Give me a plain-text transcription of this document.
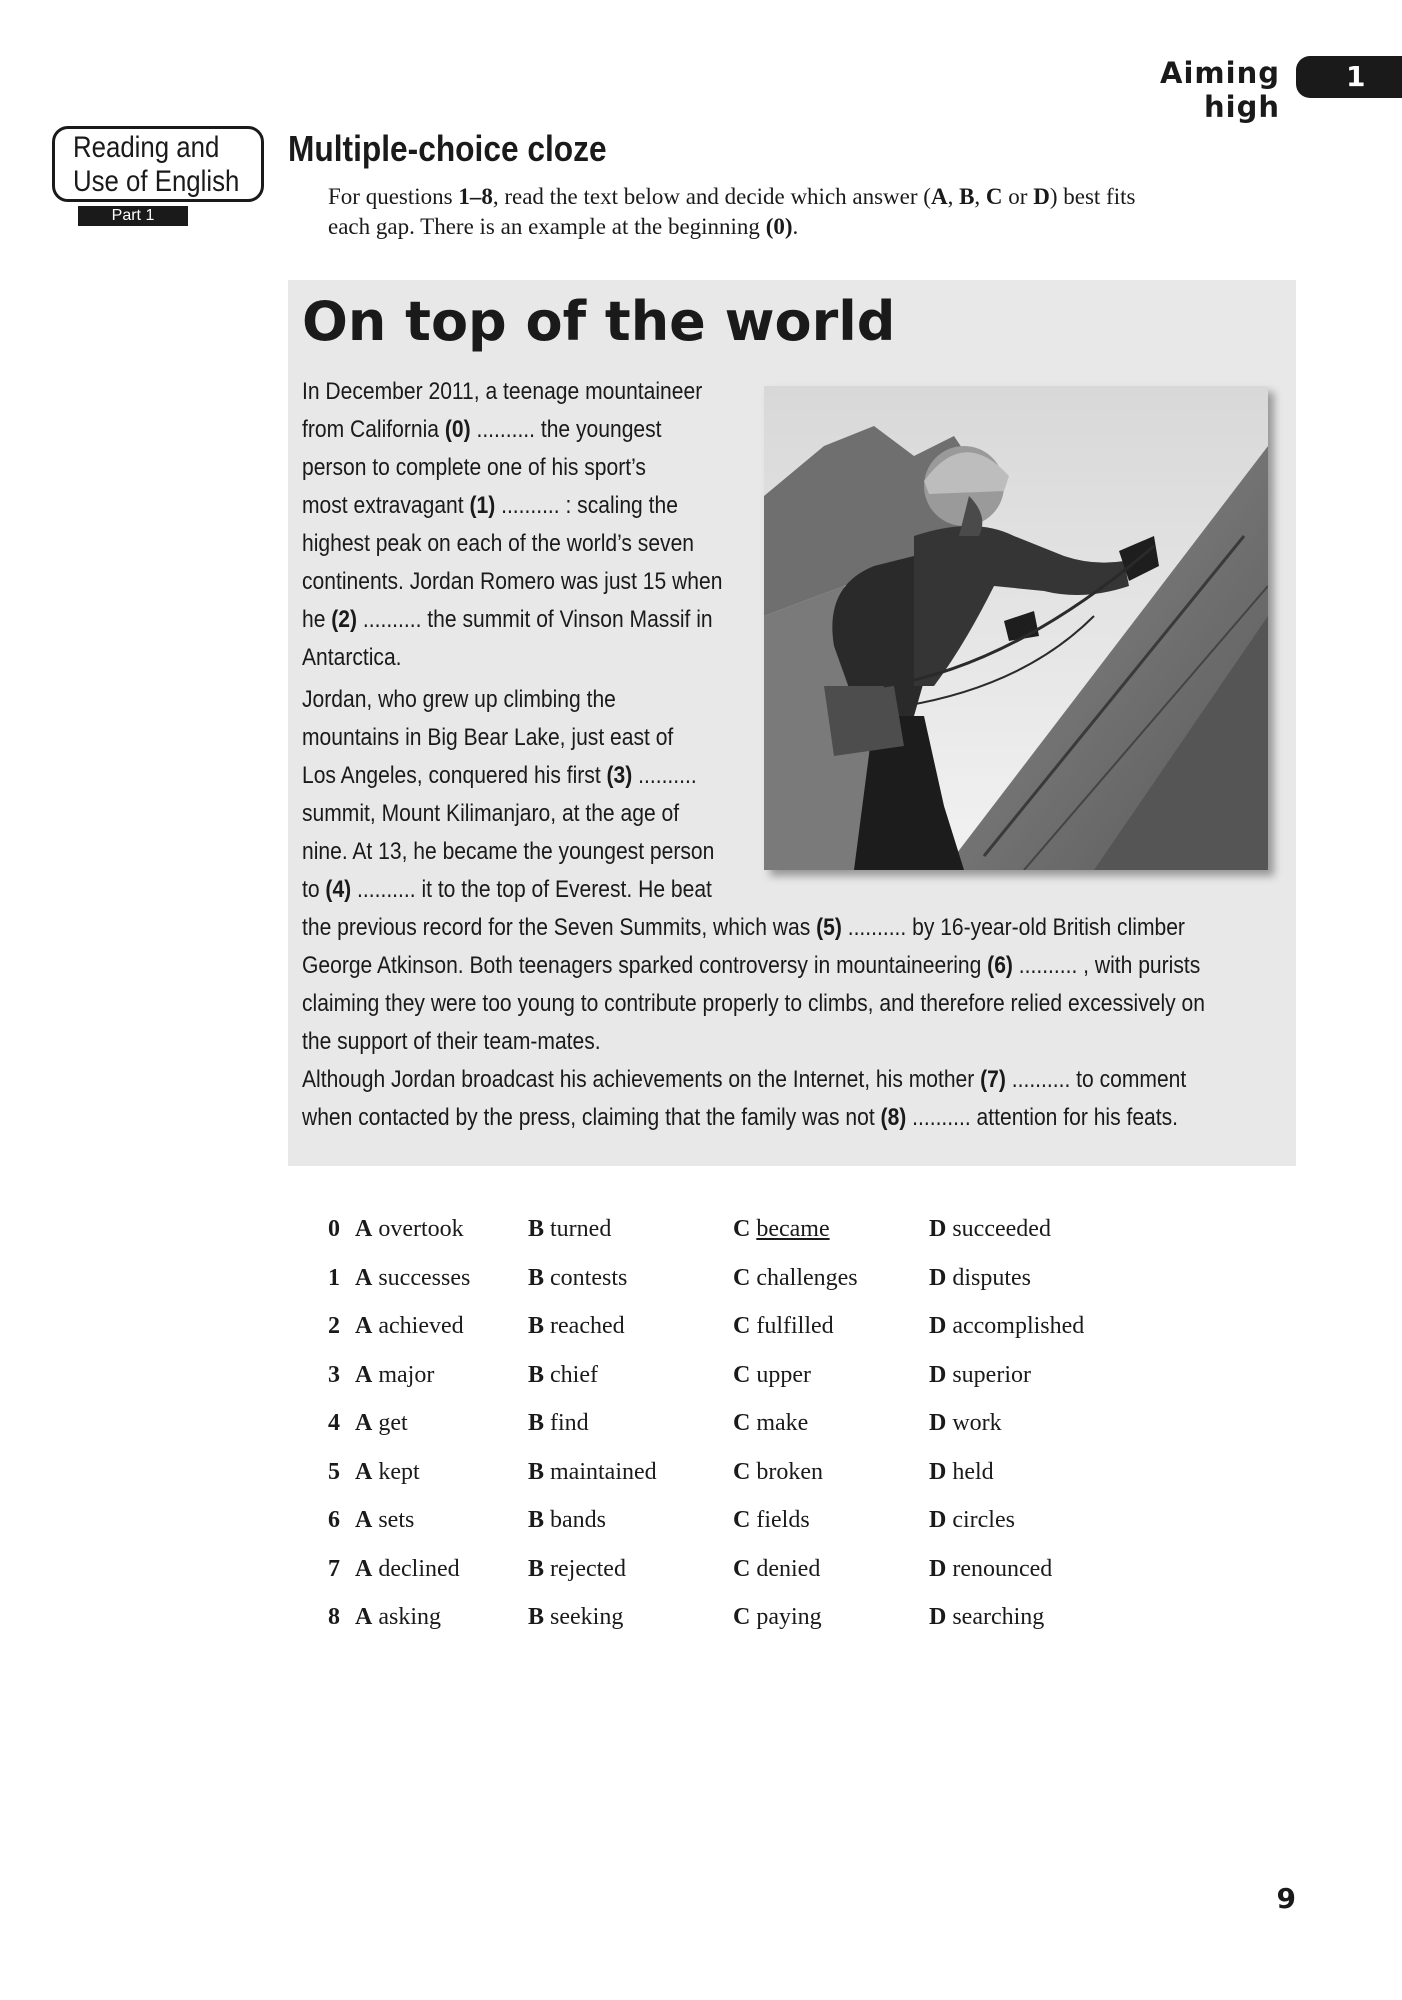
Aiming high
1
Reading and
Use of English
Part 1
Multiple-choice cloze
For questions 1–8, read the text below and decide which answer (A, B, C or D) best fits
each gap. There is an example at the beginning (0).
On top of the world
In December 2011, a teenage mountaineer
from California (0) .......... the youngest
person to complete one of his sport’s
most extravagant (1) .......... : scaling the
highest peak on each of the world’s seven
continents. Jordan Romero was just 15 when
he (2) .......... the summit of Vinson Massif in
Antarctica.
Jordan, who grew up climbing the
mountains in Big Bear Lake, just east of
Los Angeles, conquered his first (3) ..........
summit, Mount Kilimanjaro, at the age of
nine. At 13, he became the youngest person
to (4) .......... it to the top of Everest. He beat
the previous record for the Seven Summits, which was (5) .......... by 16-year-old British climber
George Atkinson. Both teenagers sparked controversy in mountaineering (6) .......... , with purists
claiming they were too young to contribute properly to climbs, and therefore relied excessively on
the support of their team-mates.
Although Jordan broadcast his achievements on the Internet, his mother (7) .......... to comment
when contacted by the press, claiming that the family was not (8) .......... attention for his feats.
0 A overtook	B turned	C became	D succeeded
1 A successes B contests	C challenges	D disputes
2 A achieved	B reached	C fulfilled	D accomplished
3 A major	B chief	C upper	D superior
4 A get	B find	C make	D work
5 A kept	B maintained	C broken	D held
6 A sets	B bands	C fields	D circles
7 A declined	B rejected	C denied	D renounced
8 A asking	B seeking	C paying	D searching
9
